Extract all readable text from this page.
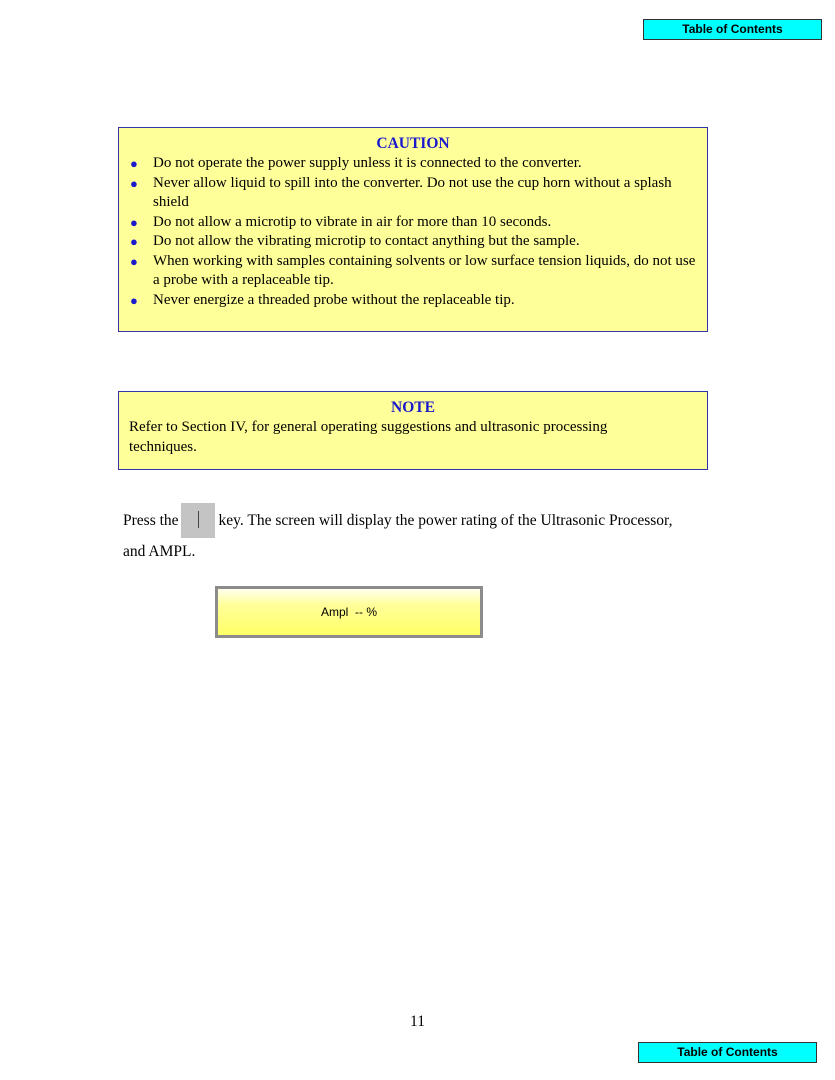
Table of Contents
CAUTION
● Do not operate the power supply unless it is connected to the converter.
● Never allow liquid to spill into the converter. Do not use the cup horn without a splash shield
● Do not allow a microtip to vibrate in air for more than 10 seconds.
● Do not allow the vibrating microtip to contact anything but the sample.
● When working with samples containing solvents or low surface tension liquids, do not use a probe with a replaceable tip.
● Never energize a threaded probe without the replaceable tip.
NOTE
Refer to Section IV, for general operating suggestions and ultrasonic processing techniques.
Press the	key. The screen will display the power rating of the Ultrasonic Processor,
and AMPL.
Ampl  -- %
11
Table of Contents
